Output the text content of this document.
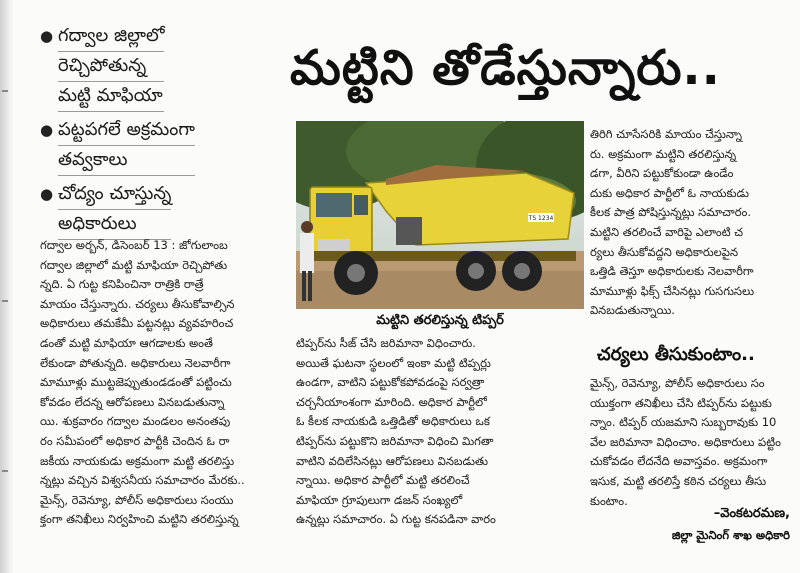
● గద్వాల జిల్లాలో
రెచ్చిపోతున్న
మట్టి మాఫియా
● పట్టపగలే అక్రమంగా
తవ్వకాలు
● చోద్యం చూస్తున్న
అధికారులు
మట్టిని తోడేస్తున్నారు..
గద్వాల అర్బన్, డిసెంబర్ 13 : జోగులాంబ
గద్వాల జిల్లాలో మట్టి మాఫియా రెచ్చిపోతు
న్నది. ఏ గుట్ట కనిపించినా రాత్రికి రాత్రే
మాయం చేస్తున్నారు. చర్యలు తీసుకోవాల్సిన
అధికారులు తమకేమీ పట్టనట్లు వ్యవహరించ
డంతో మట్టి మాఫియా ఆగడాలకు అంతే
లేకుండా పోతున్నది. అధికారులు నెలవారీగా
మామూళ్లు ముట్టజెప్పుతుండడంతో పట్టించు
కోవడం లేదన్న ఆరోపణలు వినబడుతున్నా
యి. శుక్రవారం గద్వాల మండలం అనంతపు
రం సమీపంలో అధికార పార్టీకి చెందిన ఓ రా
జకీయ నాయకుడు అక్రమంగా మట్టి తరలిస్తు
న్నట్లు వచ్చిన విశ్వసనీయ సమాచారం మేరకు..
మైన్స్, రెవెన్యూ, పోలీస్ అధికారులు సంయు
క్తంగా తనిఖీలు నిర్వహించి మట్టిని తరలిస్తున్న
TS 1234
మట్టిని తరలిస్తున్న టిప్పర్
టిప్పర్‌ను సీజ్ చేసి జరిమానా విధించారు.
అయితే ఘటనా స్థలంలో ఇంకా మట్టి టిప్పర్లు
ఉండగా, వాటిని పట్టుకోకపోవడంపై సర్వత్రా
చర్చనీయాంశంగా మారింది. అధికార పార్టీలో
ఓ కీలక నాయకుడి ఒత్తిడితో అధికారులు ఒక
టిప్పర్‌ను పట్టుకొని జరిమానా విధించి మిగతా
వాటిని వదిలేసినట్లు ఆరోపణలు వినబడుతు
న్నాయి. అధికార పార్టీలో మట్టి తరలించే
మాఫియా గ్రూపులుగా డజన్ సంఖ్యలో
ఉన్నట్లు సమాచారం. ఏ గుట్ట కనపడినా వారం
తిరిగి చూసేసరికి మాయం చేస్తున్నా
రు. అక్రమంగా మట్టిని తరలిస్తున్న
డగా, వీరిని పట్టుకోకుండా ఉండేం
దుకు అధికార పార్టీలో ఓ నాయకుడు
కీలక పాత్ర పోషిస్తున్నట్లు సమాచారం.
మట్టిని తరలించే వారిపై ఎలాంటి చ
ర్యలు తీసుకోవద్దని అధికారులపైన
ఒత్తిడి తెస్తూ అధికారులకు నెలవారీగా
మామూళ్లు ఫిక్స్ చేసినట్లు గుసగుసలు
వినబడుతున్నాయి.
చర్యలు తీసుకుంటాం..
మైన్స్, రెవెన్యూ, పోలీస్ అధికారులు సం
యుక్తంగా తనిఖీలు చేసి టిప్పర్‌ను పట్టుకు
న్నాం. టిప్పర్ యజమాని సుబ్బరావుకు 10
వేల జరిమానా విధించాం. అధికారులు పట్టిం
చుకోవడం లేదనేది అవాస్తవం. అక్రమంగా
ఇసుక, మట్టి తరలిస్తే కఠిన చర్యలు తీసు
కుంటాం.
–వెంకటరమణ,
జిల్లా మైనింగ్ శాఖ అధికారి
